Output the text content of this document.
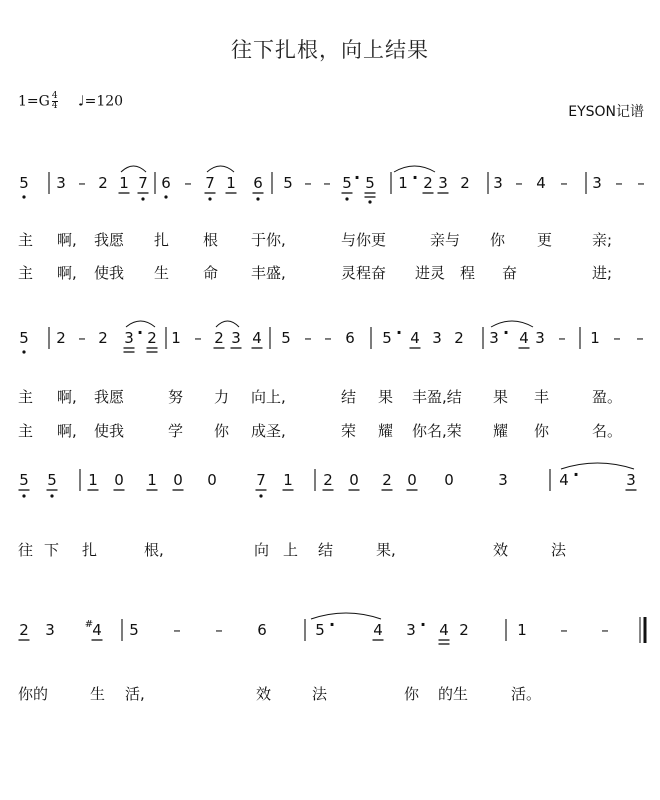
往下扎根，向上结果
$1=G \frac{4}{4}$ ♩=120
EYSON记谱
5 3 – 2 1 7 6 – 7 1 6 5 – – 5 · 5 1 · 2 3 2 3 – 4 – 3 – –
5 2 – 2 3 · 2 1 – 2 3 4 5 – – 6 5 · 4 3 2 3 · 4 3 – 1 – –
5 5 1 0 1 0 0	7 1 2 0 2 0 0	3	4 ·	3
2 3 4
# 5 – – 6	5 ·	4 3 · 4 2	1 – –
主 啊, 我愿 扎 根 于你,	与你更	亲与 你 更	亲;
主 啊, 使我 生 命 丰盛,	灵程奋 进灵 程 奋	进;
主 啊, 我愿	努 力 向上,	结 果 丰盈,结 果 丰	盈。
主 啊, 使我	学 你 成圣,	荣 耀 你名,荣 耀 你	名。
往 下 扎	根,	向 上 结	果,	效	法
你的	生 活,	效	法	你 的生	活。
